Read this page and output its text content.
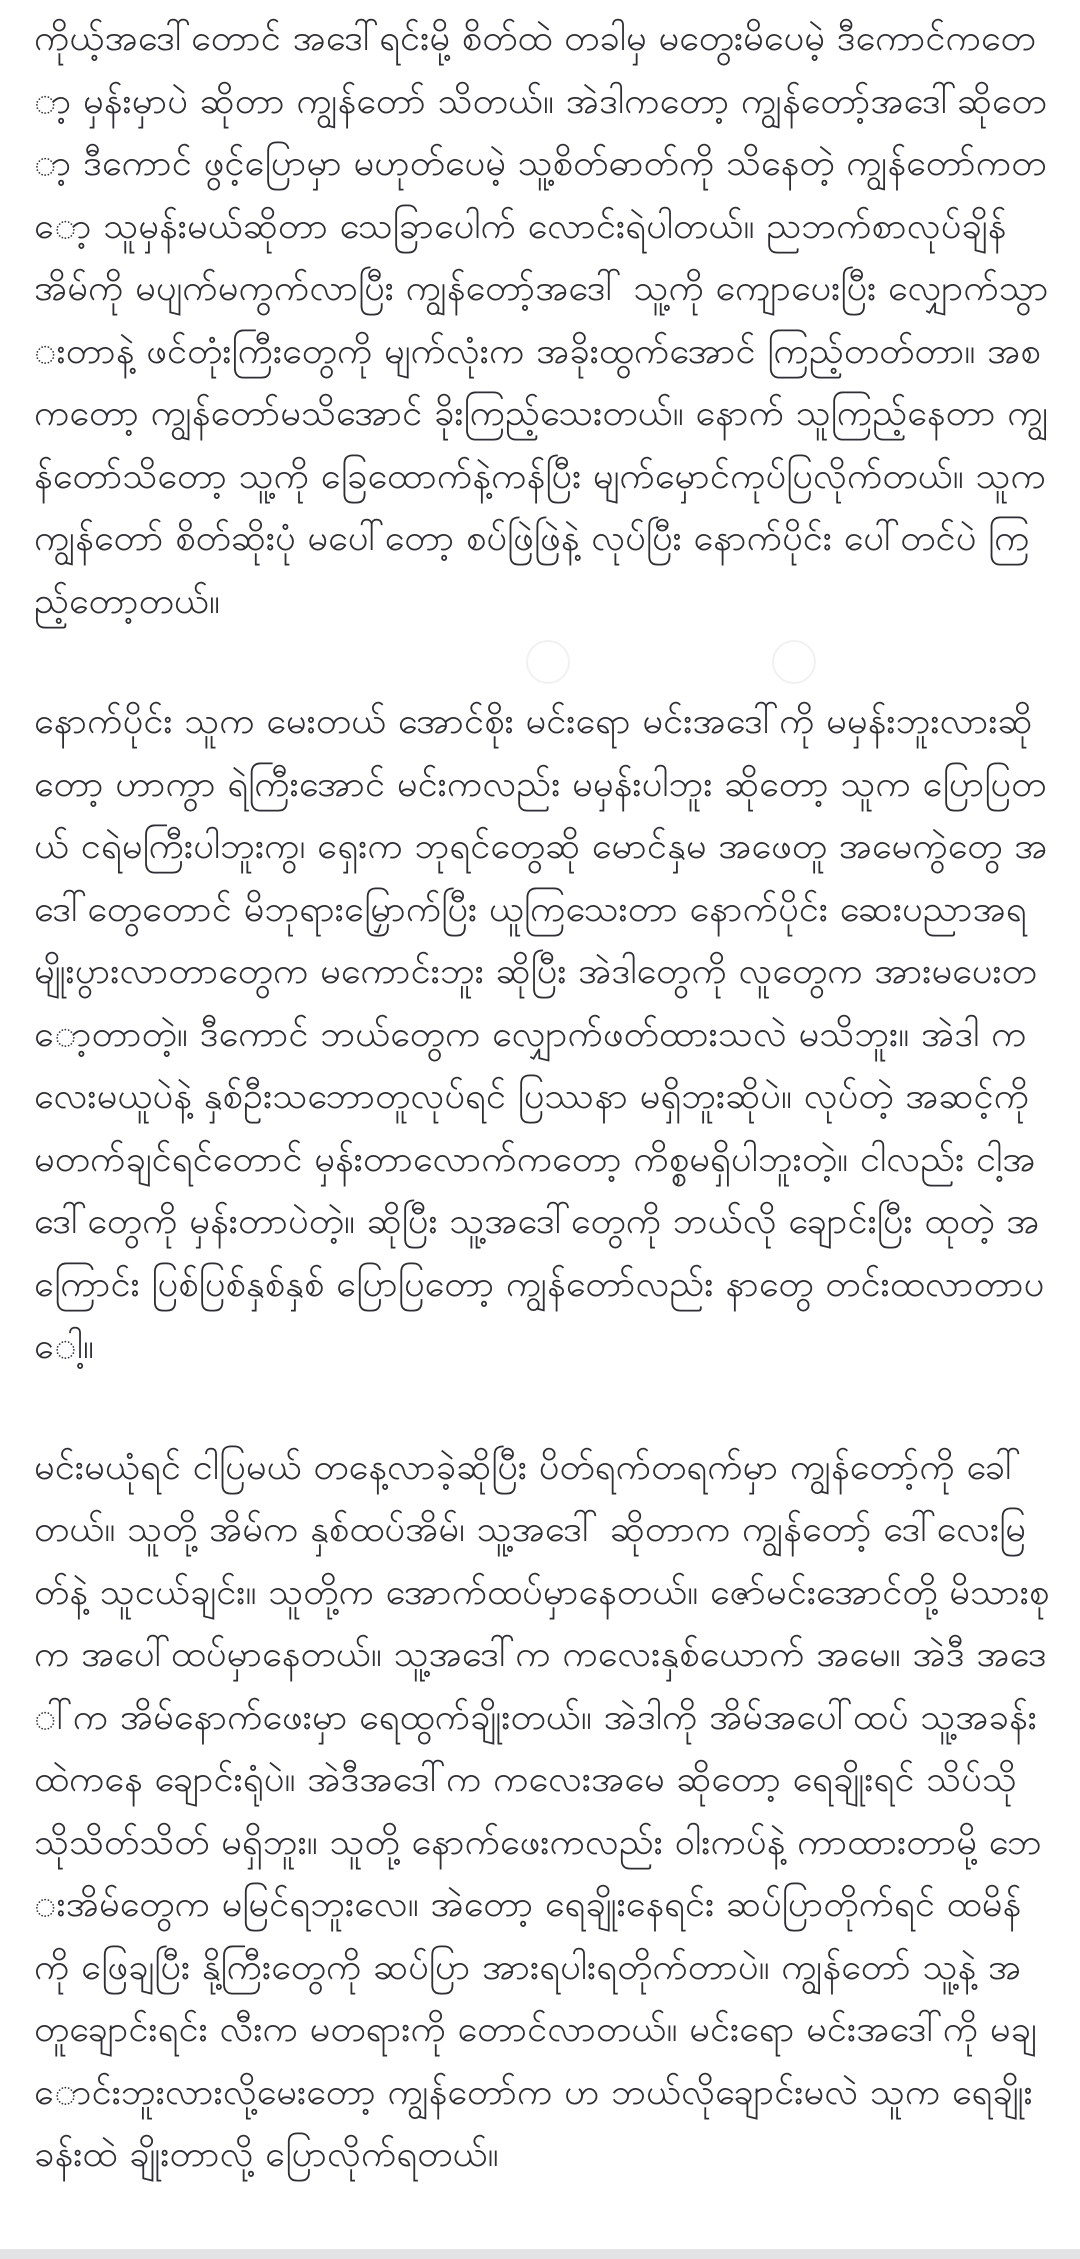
ကိုယ့်အဒေါ်တောင် အဒေါ်ရင်းမို့ စိတ်ထဲ တခါမှ မတွေးမိပေမဲ့ ဒီကောင်ကတော့ မှန်းမှာပဲ ဆိုတာ ကျွန်တော် သိတယ်။ အဲဒါကတော့ ကျွန်တော့်အဒေါ်ဆိုတော့ ဒီကောင် ဖွင့်ပြောမှာ မဟုတ်ပေမဲ့ သူ့စိတ်ဓာတ်ကို သိနေတဲ့ ကျွန်တော်ကတော့ သူမှန်းမယ်ဆိုတာ သေခြာပေါက် လောင်းရဲပါတယ်။ ညဘက်စာလုပ်ချိန် အိမ်ကို မပျက်မကွက်လာပြီး ကျွန်တော့်အဒေါ် သူ့ကို ကျောပေးပြီး လျှောက်သွားတာနဲ့ ဖင်တုံးကြီးတွေကို မျက်လုံးက အခိုးထွက်အောင် ကြည့်တတ်တာ။ အစကတော့ ကျွန်တော်မသိအောင် ခိုးကြည့်သေးတယ်။ နောက် သူကြည့်နေတာ ကျွန်တော်သိတော့ သူ့ကို ခြေထောက်နဲ့ကန်ပြီး မျက်မှောင်ကုပ်ပြလိုက်တယ်။ သူက ကျွန်တော် စိတ်ဆိုးပုံ မပေါ်တော့ စပ်ဖြဲဖြဲနဲ့ လုပ်ပြီး နောက်ပိုင်း ပေါ်တင်ပဲ ကြည့်တော့တယ်။

နောက်ပိုင်း သူက မေးတယ် အောင်စိုး မင်းရော မင်းအဒေါ်ကို မမှန်းဘူးလားဆိုတော့ ဟာကွာ ရဲကြီးအောင် မင်းကလည်း မမှန်းပါဘူး ဆိုတော့ သူက ပြောပြတယ် ငရဲမကြီးပါဘူးကွ၊ ရှေးက ဘုရင်တွေဆို မောင်နှမ အဖေတူ အမေကွဲတွေ အဒေါ်တွေတောင် မိဘုရားမြှောက်ပြီး ယူကြသေးတာ နောက်ပိုင်း ဆေးပညာအရ မျိုးပွားလာတာတွေက မကောင်းဘူး ဆိုပြီး အဲဒါတွေကို လူတွေက အားမပေးတော့တာတဲ့။ ဒီကောင် ဘယ်တွေက လျှောက်ဖတ်ထားသလဲ မသိဘူး။ အဲဒါ ကလေးမယူပဲနဲ့ နှစ်ဦးသဘောတူလုပ်ရင် ပြဿနာ မရှိဘူးဆိုပဲ။ လုပ်တဲ့ အဆင့်ကို မတက်ချင်ရင်တောင် မှန်းတာလောက်ကတော့ ကိစ္စမရှိပါဘူးတဲ့။ ငါလည်း ငါ့အဒေါ်တွေကို မှန်းတာပဲတဲ့။ ဆိုပြီး သူ့အဒေါ်တွေကို ဘယ်လို ချောင်းပြီး ထုတဲ့ အကြောင်း ပြစ်ပြစ်နှစ်နှစ် ပြောပြတော့ ကျွန်တော်လည်း နာတွေ တင်းထလာတာပေါ့။

မင်းမယုံရင် ငါပြမယ် တနေ့လာခဲ့ဆိုပြီး ပိတ်ရက်တရက်မှာ ကျွန်တော့်ကို ခေါ်တယ်။ သူတို့ အိမ်က နှစ်ထပ်အိမ်၊ သူ့အဒေါ် ဆိုတာက ကျွန်တော့် ဒေါ်လေးမြတ်နဲ့ သူငယ်ချင်း။ သူတို့က အောက်ထပ်မှာနေတယ်။ ဇော်မင်းအောင်တို့ မိသားစုက အပေါ်ထပ်မှာနေတယ်။ သူ့အဒေါ်က ကလေးနှစ်ယောက် အမေ။ အဲဒီ အဒေါ်က အိမ်နောက်ဖေးမှာ ရေထွက်ချိုးတယ်။ အဲဒါကို အိမ်အပေါ်ထပ် သူ့အခန်းထဲကနေ ချောင်းရုံပဲ။ အဲဒီအဒေါ်က ကလေးအမေ ဆိုတော့ ရေချိုးရင် သိပ်သိုသိုသိတ်သိတ် မရှိဘူး။ သူတို့ နောက်ဖေးကလည်း ဝါးကပ်နဲ့ ကာထားတာမို့ ဘေးအိမ်တွေက မမြင်ရဘူးလေ။ အဲတော့ ရေချိုးနေရင်း ဆပ်ပြာတိုက်ရင် ထမိန်ကို ဖြေချပြီး နို့ကြီးတွေကို ဆပ်ပြာ အားရပါးရတိုက်တာပဲ။ ကျွန်တော် သူ့နဲ့ အတူချောင်းရင်း လီးက မတရားကို တောင်လာတယ်။ မင်းရော မင်းအဒေါ်ကို မချောင်းဘူးလားလို့မေးတော့ ကျွန်တော်က ဟ ဘယ်လိုချောင်းမလဲ သူက ရေချိုးခန်းထဲ ချိုးတာလို့ ပြောလိုက်ရတယ်။
